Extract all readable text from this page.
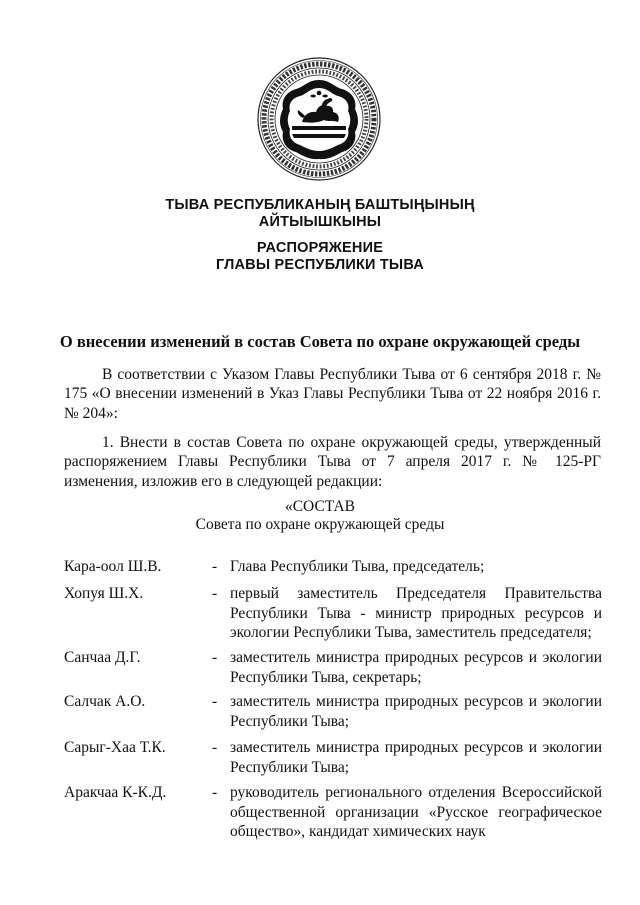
ТЫВА РЕСПУБЛИКАНЫҢ БАШТЫҢЫНЫҢ
АЙТЫЫШКЫНЫ
РАСПОРЯЖЕНИЕ
ГЛАВЫ РЕСПУБЛИКИ ТЫВА
О внесении изменений в состав Совета по охране окружающей среды
В соответствии с Указом Главы Республики Тыва от 6 сентября 2018 г. № 175 «О внесении изменений в Указ Главы Республики Тыва от 22 ноября 2016 г. № 204»:
1. Внести в состав Совета по охране окружающей среды, утвержденный распоряжением Главы Республики Тыва от 7 апреля 2017 г. № 125-РГ изменения, изложив его в следующей редакции:
«СОСТАВ
Совета по охране окружающей среды
Кара-оол Ш.В.	- Глава Республики Тыва, председатель;
Хопуя Ш.Х.	- первый заместитель Председателя Правительства Республики Тыва - министр природных ресурсов и экологии Республики Тыва, заместитель председателя;
Санчаа Д.Г.	- заместитель министра природных ресурсов и экологии Республики Тыва, секретарь;
Салчак А.О.	- заместитель министра природных ресурсов и экологии Республики Тыва;
Сарыг-Хаа Т.К.	- заместитель министра природных ресурсов и экологии Республики Тыва;
Аракчаа К-К.Д.	- руководитель регионального отделения Всероссийской общественной организации «Русское географическое общество», кандидат химических наук
